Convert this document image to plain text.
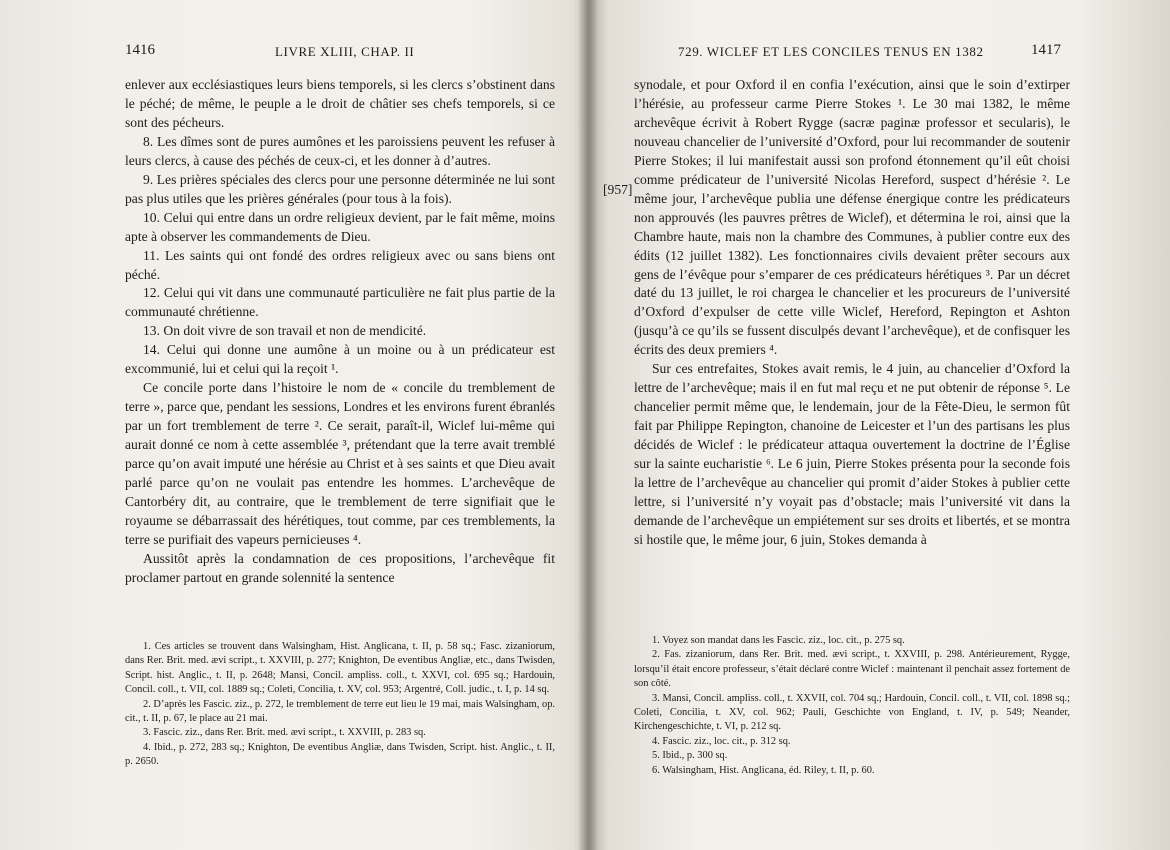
1416	LIVRE XLIII, CHAP. II

enlever aux ecclésiastiques leurs biens temporels, si les clercs s’obstinent dans le péché; de même, le peuple a le droit de châtier ses chefs temporels, si ce sont des pécheurs.

8. Les dîmes sont de pures aumônes et les paroissiens peuvent les refuser à leurs clercs, à cause des péchés de ceux-ci, et les donner à d’autres.

9. Les prières spéciales des clercs pour une personne déterminée ne lui sont pas plus utiles que les prières générales (pour tous à la fois).

10. Celui qui entre dans un ordre religieux devient, par le fait même, moins apte à observer les commandements de Dieu.

11. Les saints qui ont fondé des ordres religieux avec ou sans biens ont péché.

12. Celui qui vit dans une communauté particulière ne fait plus partie de la communauté chrétienne.

13. On doit vivre de son travail et non de mendicité.

14. Celui qui donne une aumône à un moine ou à un prédicateur est excommunié, lui et celui qui la reçoit ¹.

Ce concile porte dans l’histoire le nom de « concile du tremblement de terre », parce que, pendant les sessions, Londres et les environs furent ébranlés par un fort tremblement de terre ². Ce serait, paraît-il, Wiclef lui-même qui aurait donné ce nom à cette assemblée ³, prétendant que la terre avait tremblé parce qu’on avait imputé une hérésie au Christ et à ses saints et que Dieu avait parlé parce qu’on ne voulait pas entendre les hommes. L’archevêque de Cantorbéry dit, au contraire, que le tremblement de terre signifiait que le royaume se débarrassait des hérétiques, tout comme, par ces tremblements, la terre se purifiait des vapeurs pernicieuses ⁴.

Aussitôt après la condamnation de ces propositions, l’archevêque fit proclamer partout en grande solennité la sentence

1. Ces articles se trouvent dans Walsingham, Hist. Anglicana, t. II, p. 58 sq.; Fasc. zizaniorum, dans Rer. Brit. med. ævi script., t. XXVIII, p. 277; Knighton, De eventibus Angliæ, etc., dans Twisden, Script. hist. Anglic., t. II, p. 2648; Mansi, Concil. ampliss. coll., t. XXVI, col. 695 sq.; Hardouin, Concil. coll., t. VII, col. 1889 sq.; Coleti, Concilia, t. XV, col. 953; Argentré, Coll. judic., t. I, p. 14 sq.

2. D’après les Fascic. ziz., p. 272, le tremblement de terre eut lieu le 19 mai, mais Walsingham, op. cit., t. II, p. 67, le place au 21 mai.

3. Fascic. ziz., dans Rer. Brit. med. ævi script., t. XXVIII, p. 283 sq.

4. Ibid., p. 272, 283 sq.; Knighton, De eventibus Angliæ, dans Twisden, Script. hist. Anglic., t. II, p. 2650.

729. WICLEF ET LES CONCILES TENUS EN 1382	1417
[957]

synodale, et pour Oxford il en confia l’exécution, ainsi que le soin d’extirper l’hérésie, au professeur carme Pierre Stokes ¹. Le 30 mai 1382, le même archevêque écrivit à Robert Rygge (sacræ paginæ professor et secularis), le nouveau chancelier de l’université d’Oxford, pour lui recommander de soutenir Pierre Stokes; il lui manifestait aussi son profond étonnement qu’il eût choisi comme prédicateur de l’université Nicolas Hereford, suspect d’hérésie ². Le même jour, l’archevêque publia une défense énergique contre les prédicateurs non approuvés (les pauvres prêtres de Wiclef), et détermina le roi, ainsi que la Chambre haute, mais non la chambre des Communes, à publier contre eux des édits (12 juillet 1382). Les fonctionnaires civils devaient prêter secours aux gens de l’évêque pour s’emparer de ces prédicateurs hérétiques ³. Par un décret daté du 13 juillet, le roi chargea le chancelier et les procureurs de l’université d’Oxford d’expulser de cette ville Wiclef, Hereford, Repington et Ashton (jusqu’à ce qu’ils se fussent disculpés devant l’archevêque), et de confisquer les écrits des deux premiers ⁴.

Sur ces entrefaites, Stokes avait remis, le 4 juin, au chancelier d’Oxford la lettre de l’archevêque; mais il en fut mal reçu et ne put obtenir de réponse ⁵. Le chancelier permit même que, le lendemain, jour de la Fête-Dieu, le sermon fût fait par Philippe Repington, chanoine de Leicester et l’un des partisans les plus décidés de Wiclef : le prédicateur attaqua ouvertement la doctrine de l’Église sur la sainte eucharistie ⁶. Le 6 juin, Pierre Stokes présenta pour la seconde fois la lettre de l’archevêque au chancelier qui promit d’aider Stokes à publier cette lettre, si l’université n’y voyait pas d’obstacle; mais l’université vit dans la demande de l’archevêque un empiétement sur ses droits et libertés, et se montra si hostile que, le même jour, 6 juin, Stokes demanda à

1. Voyez son mandat dans les Fascic. ziz., loc. cit., p. 275 sq.

2. Fas. zizaniorum, dans Rer. Brit. med. ævi script., t. XXVIII, p. 298. Antérieurement, Rygge, lorsqu’il était encore professeur, s’était déclaré contre Wiclef : maintenant il penchait assez fortement de son côté.

3. Mansi, Concil. ampliss. coll., t. XXVII, col. 704 sq.; Hardouin, Concil. coll., t. VII, col. 1898 sq.; Coleti, Concilia, t. XV, col. 962; Pauli, Geschichte von England, t. IV, p. 549; Neander, Kirchengeschichte, t. VI, p. 212 sq.

4. Fascic. ziz., loc. cit., p. 312 sq.

5. Ibid., p. 300 sq.

6. Walsingham, Hist. Anglicana, éd. Riley, t. II, p. 60.
